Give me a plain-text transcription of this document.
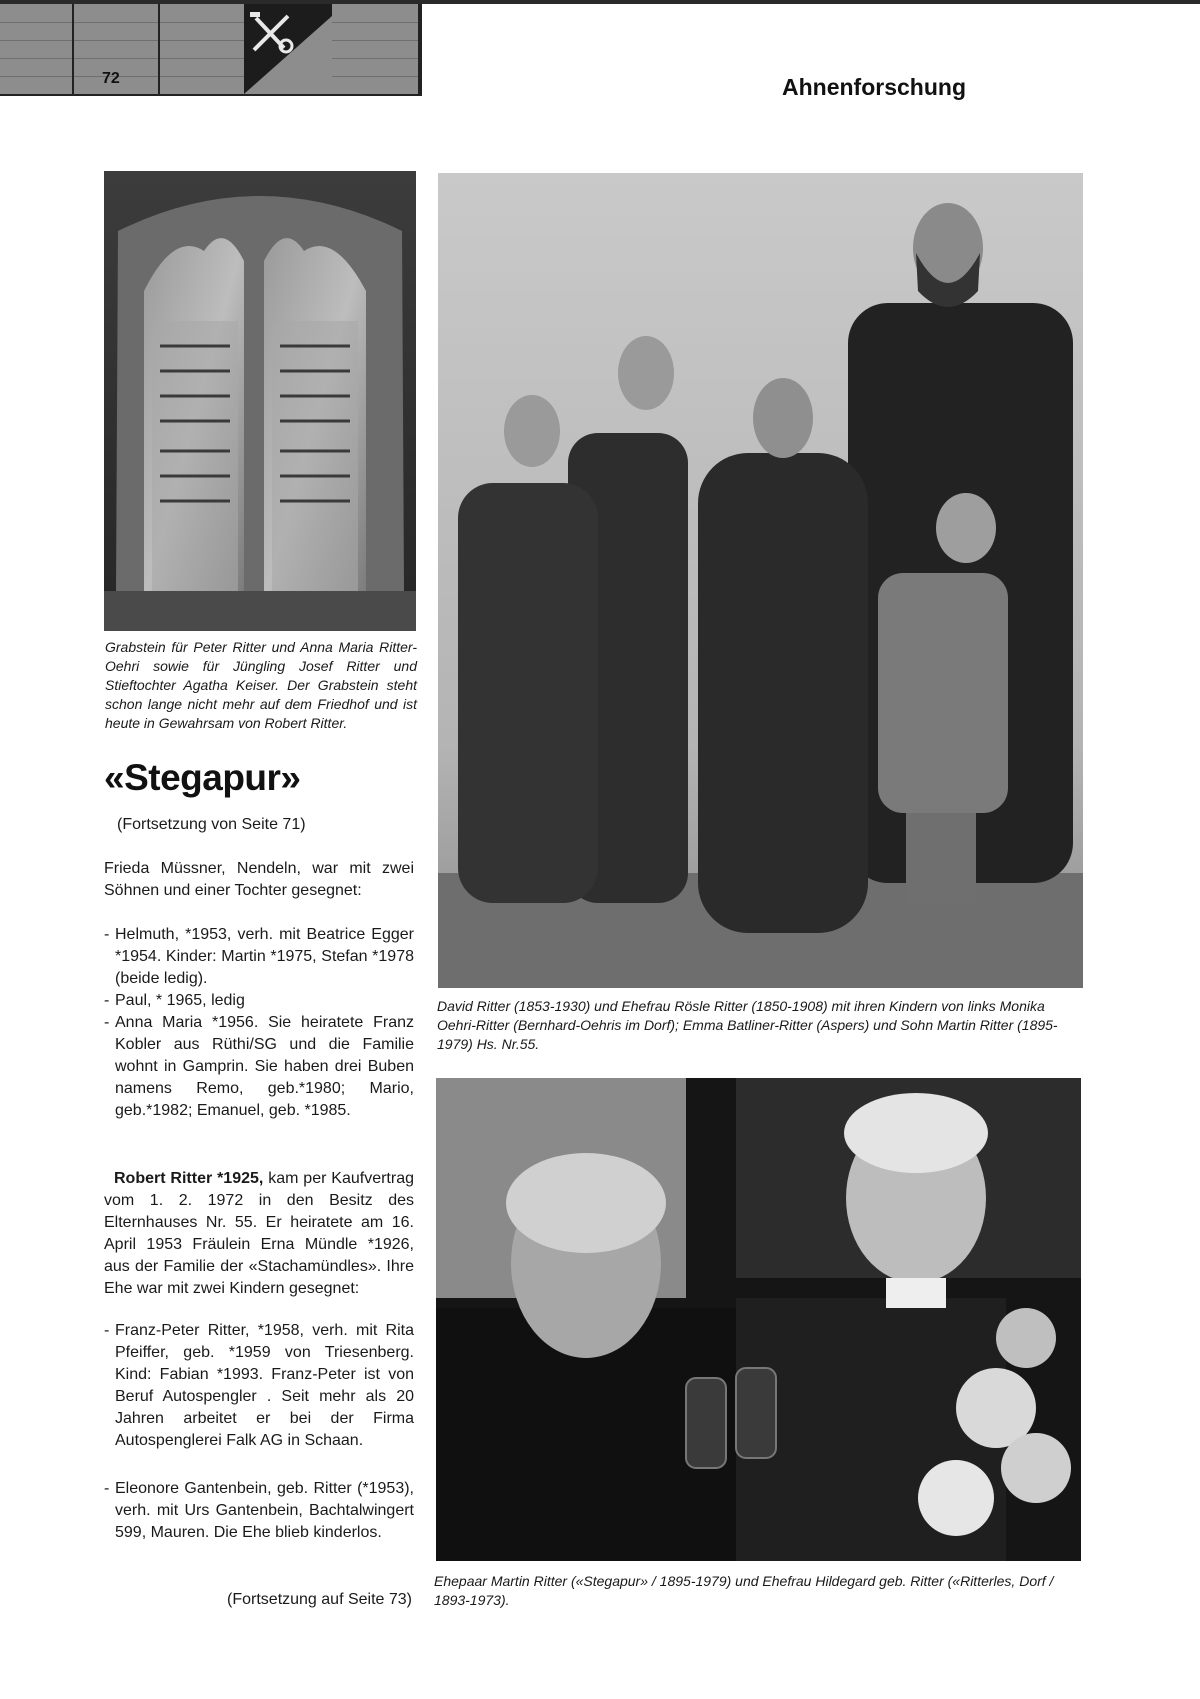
72	Ahnenforschung
Grabstein für Peter Ritter und Anna Maria Ritter-Oehri sowie für Jüngling Josef Ritter und Stieftochter Agatha Keiser. Der Grabstein steht schon lange nicht mehr auf dem Friedhof und ist heute in Gewahrsam von Robert Ritter.
David Ritter (1853-1930) und Ehefrau Rösle Ritter (1850-1908) mit ihren Kindern von links Monika Oehri-Ritter (Bernhard-Oehris im Dorf); Emma Batliner-Ritter (Aspers) und Sohn Martin Ritter (1895-1979) Hs. Nr.55.
Ehepaar Martin Ritter («Stegapur» / 1895-1979) und Ehefrau Hildegard geb. Ritter («Ritterles, Dorf / 1893-1973).
«Stegapur»
(Fortsetzung von Seite 71)
Frieda Müssner, Nendeln, war mit zwei Söhnen und einer Tochter gesegnet:
- Helmuth, *1953, verh. mit Beatrice Egger *1954. Kinder: Martin *1975, Stefan *1978 (beide ledig).
- Paul, * 1965, ledig
- Anna Maria *1956. Sie heiratete Franz Kobler aus Rüthi/SG und die Familie wohnt in Gamprin. Sie haben drei Buben namens Remo, geb.*1980; Mario, geb.*1982; Emanuel, geb. *1985.
Robert Ritter *1925, kam per Kaufvertrag vom 1. 2. 1972 in den Besitz des Elternhauses Nr. 55. Er heiratete am 16. April 1953 Fräulein Erna Mündle *1926, aus der Familie der «Stachamündles». Ihre Ehe war mit zwei Kindern gesegnet:
- Franz-Peter Ritter, *1958, verh. mit Rita Pfeiffer, geb. *1959 von Triesenberg. Kind: Fabian *1993. Franz-Peter ist von Beruf Autospengler . Seit mehr als 20 Jahren arbeitet er bei der Firma Autospenglerei Falk AG in Schaan.
- Eleonore Gantenbein, geb. Ritter (*1953), verh. mit Urs Gantenbein, Bachtalwingert 599, Mauren. Die Ehe blieb kinderlos.
(Fortsetzung auf Seite 73)
